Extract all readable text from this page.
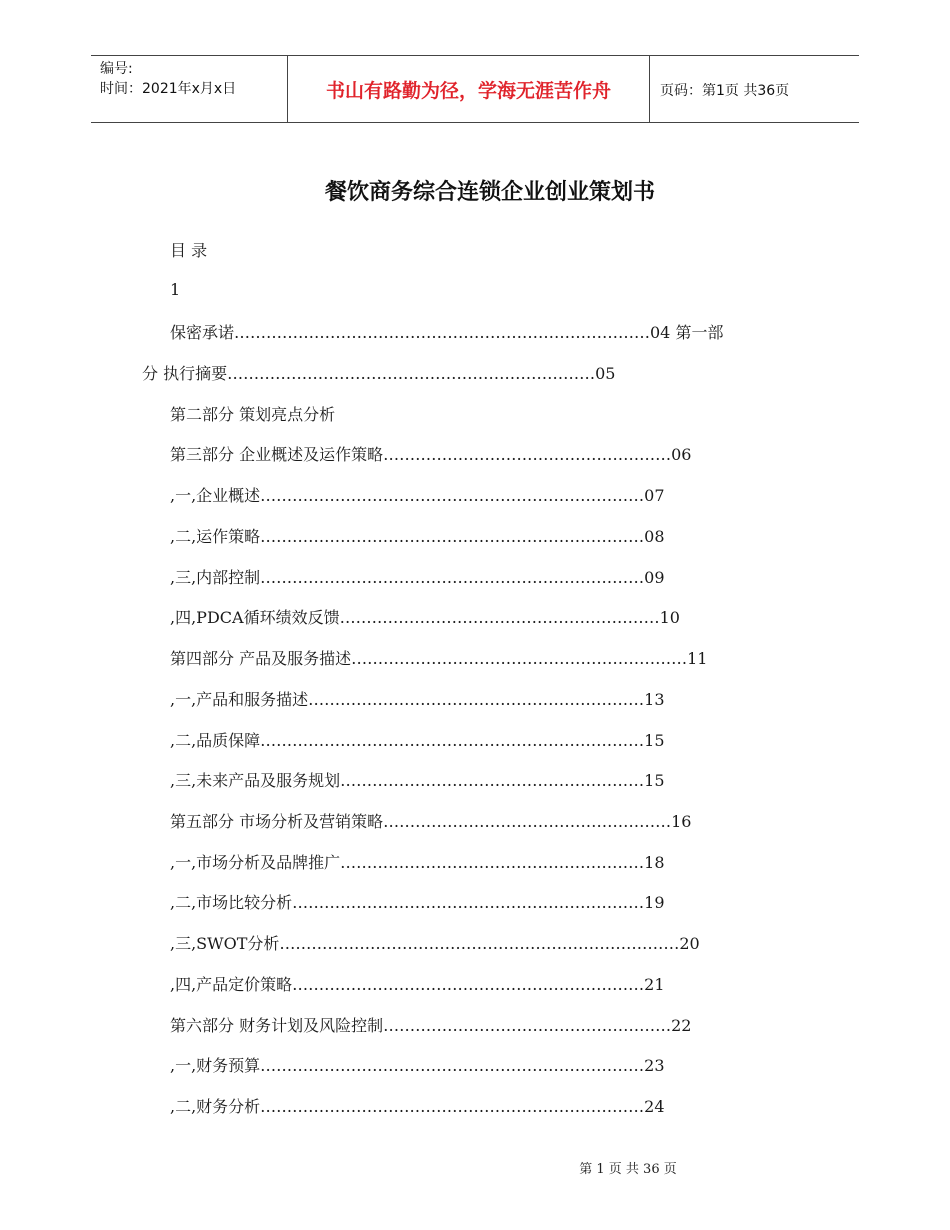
编号:
时间：2021年x月x日	书山有路勤为径，学海无涯苦作舟	页码：第1页 共36页
餐饮商务综合连锁企业创业策划书
目 录
1
保密承诺……………………………………………………………………04 第一部
分 执行摘要……………………………………………………………05
第二部分 策划亮点分析
第三部分 企业概述及运作策略………………………………………………06
,一,企业概述………………………………………………………………07
,二,运作策略………………………………………………………………08
,三,内部控制………………………………………………………………09
,四,PDCA循环绩效反馈……………………………………………………10
第四部分 产品及服务描述………………………………………………………11
,一,产品和服务描述………………………………………………………13
,二,品质保障………………………………………………………………15
,三,未来产品及服务规划…………………………………………………15
第五部分 市场分析及营销策略………………………………………………16
,一,市场分析及品牌推广…………………………………………………18
,二,市场比较分析…………………………………………………………19
,三,SWOT分析…………………………………………………………………20
,四,产品定价策略…………………………………………………………21
第六部分 财务计划及风险控制………………………………………………22
,一,财务预算………………………………………………………………23
,二,财务分析………………………………………………………………24
第 1 页 共 36 页
